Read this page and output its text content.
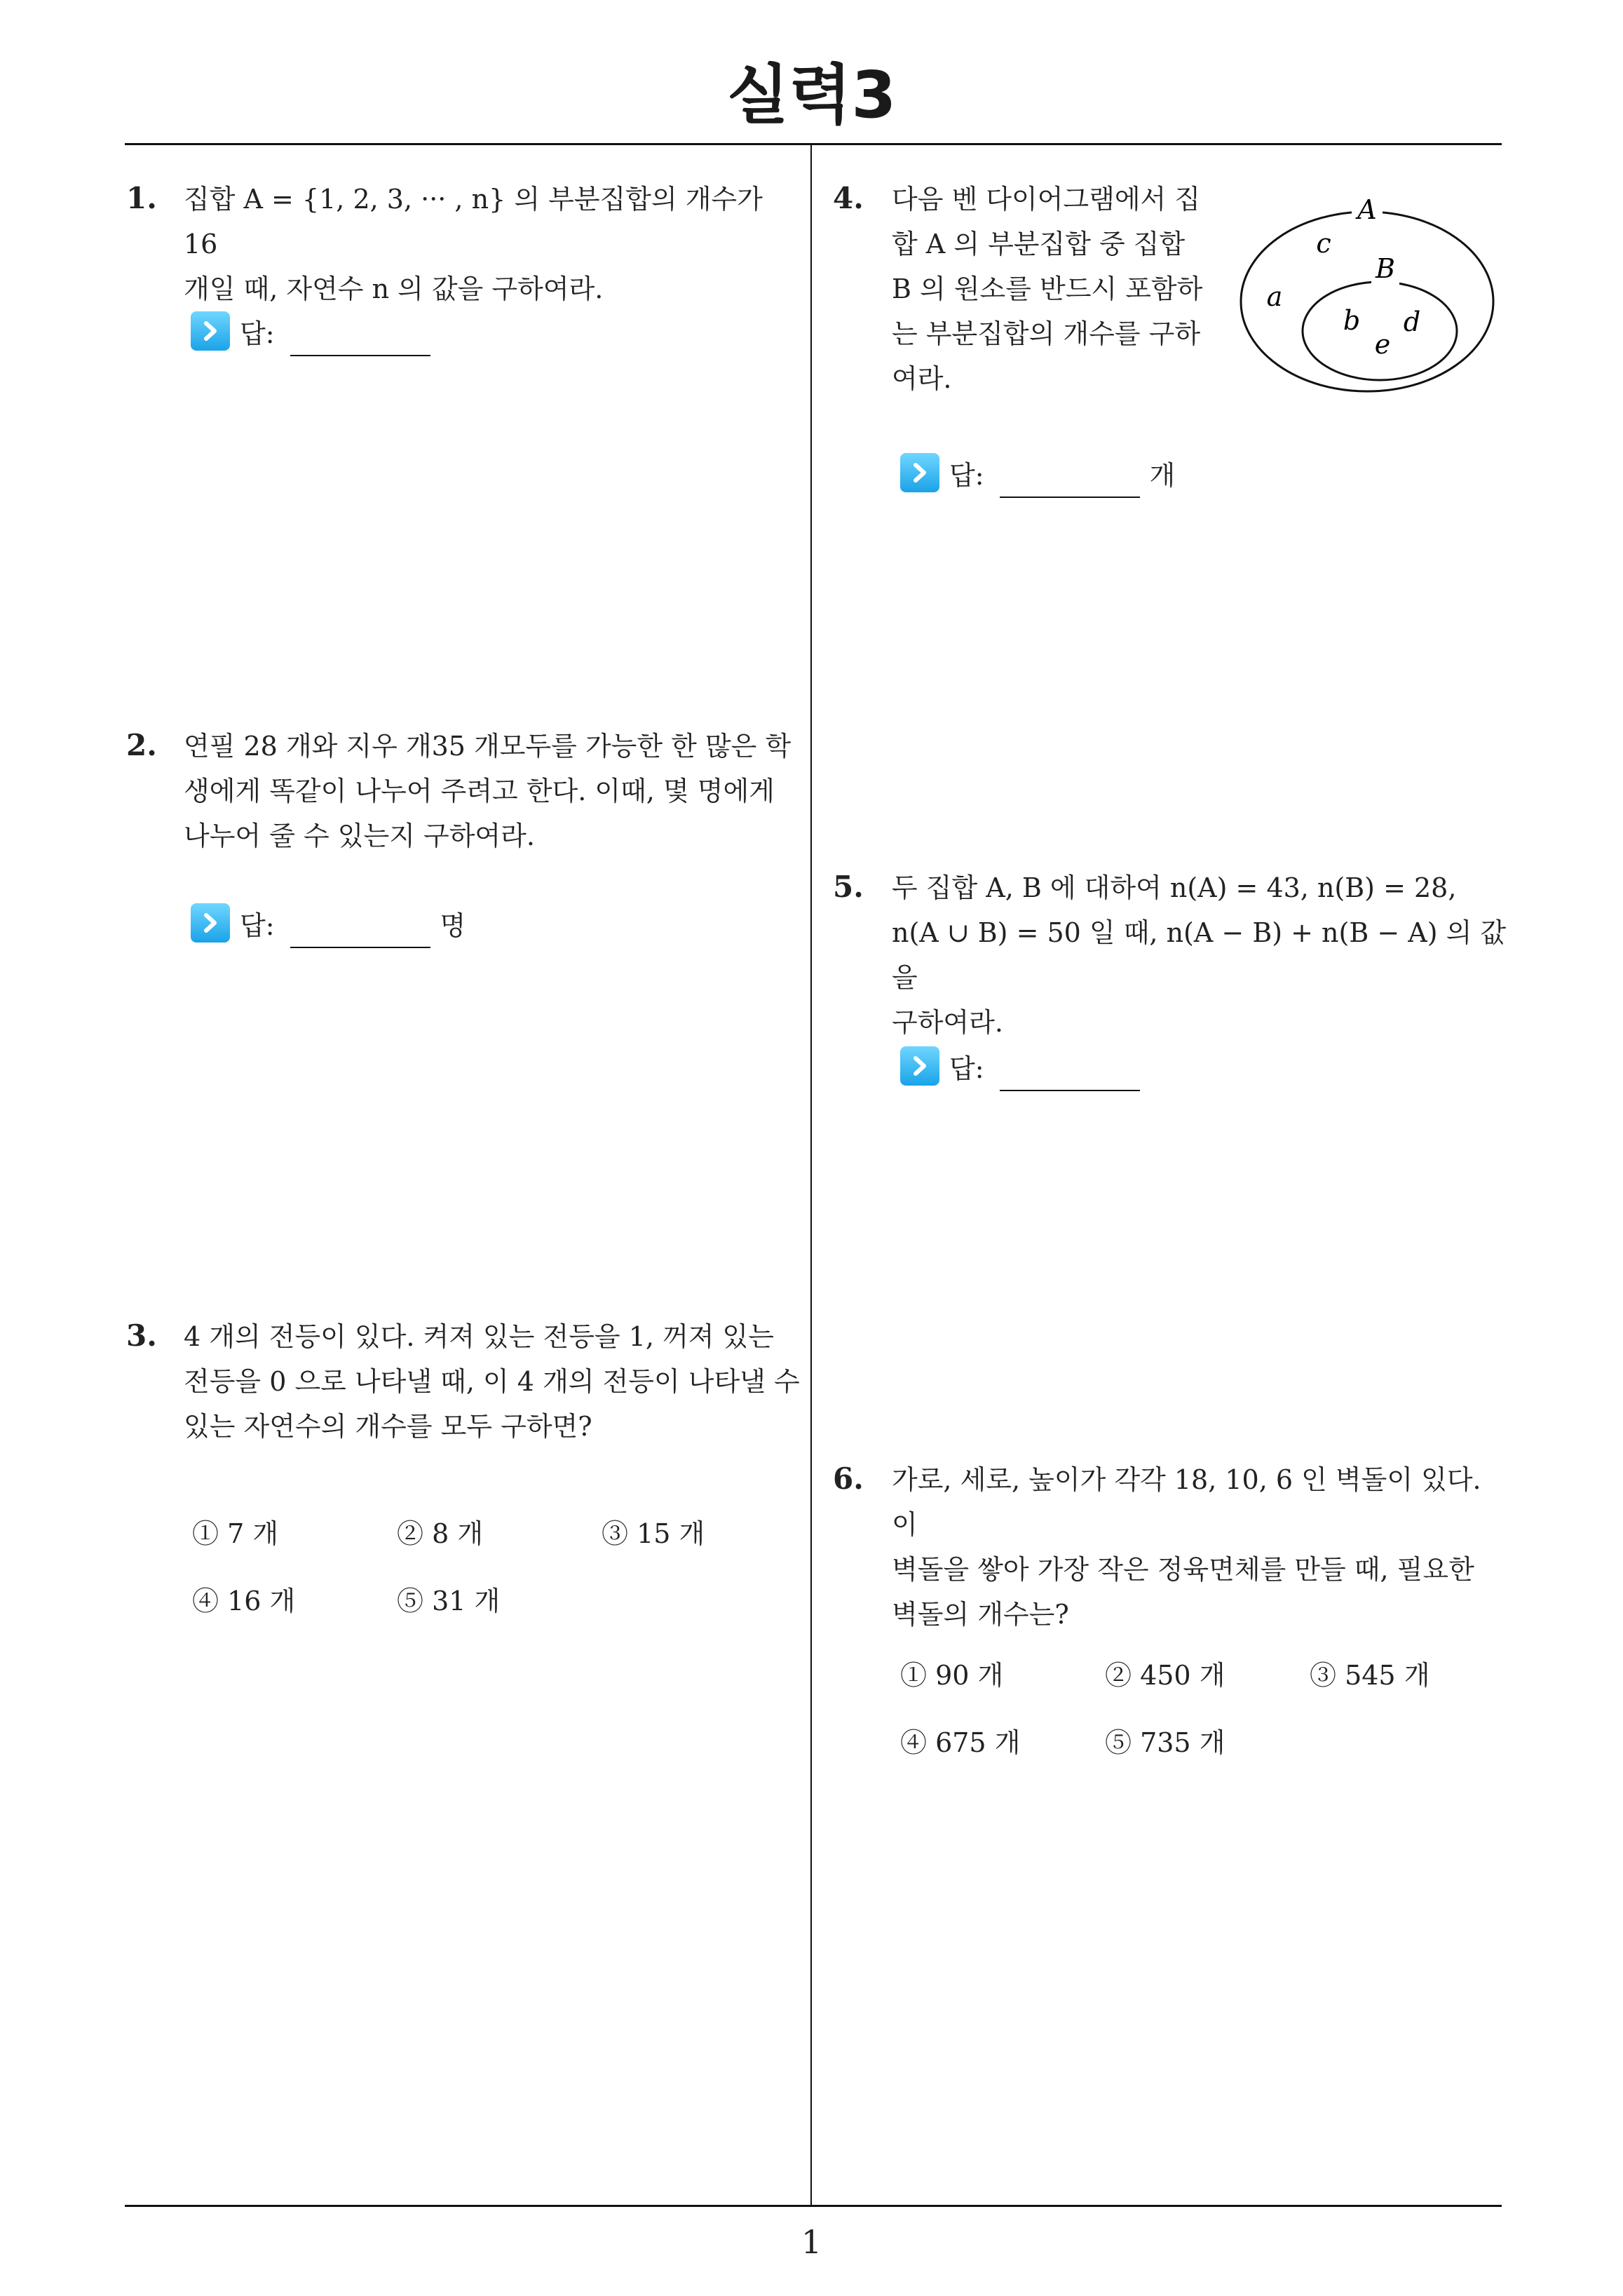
실력3
1. 집합 A = {1, 2, 3, ··· , n} 의 부분집합의 개수가 16
개일 때, 자연수 n 의 값을 구하여라.
답:
2. 연필 28 개와 지우 개35 개모두를 가능한 한 많은 학
생에게 똑같이 나누어 주려고 한다. 이때, 몇 명에게
나누어 줄 수 있는지 구하여라.
답:	명
3. 4 개의 전등이 있다. 켜져 있는 전등을 1, 꺼져 있는
전등을 0 으로 나타낼 때, 이 4 개의 전등이 나타낼 수
있는 자연수의 개수를 모두 구하면?
① 7 개	② 8 개	③ 15 개
④ 16 개	⑤ 31 개
4. 다음 벤 다이어그램에서 집
합 A 의 부분집합 중 집합
B 의 원소를 반드시 포함하
는 부분집합의 개수를 구하
여라.
A
B
c
a
b d
e
답:	개
5. 두 집합 A, B 에 대하여 n(A) = 43, n(B) = 28,
n(A ∪ B) = 50 일 때, n(A − B) + n(B − A) 의 값을
구하여라.
답:
6. 가로, 세로, 높이가 각각 18, 10, 6 인 벽돌이 있다. 이
벽돌을 쌓아 가장 작은 정육면체를 만들 때, 필요한
벽돌의 개수는?
① 90 개	② 450 개	③ 545 개
④ 675 개	⑤ 735 개
1
